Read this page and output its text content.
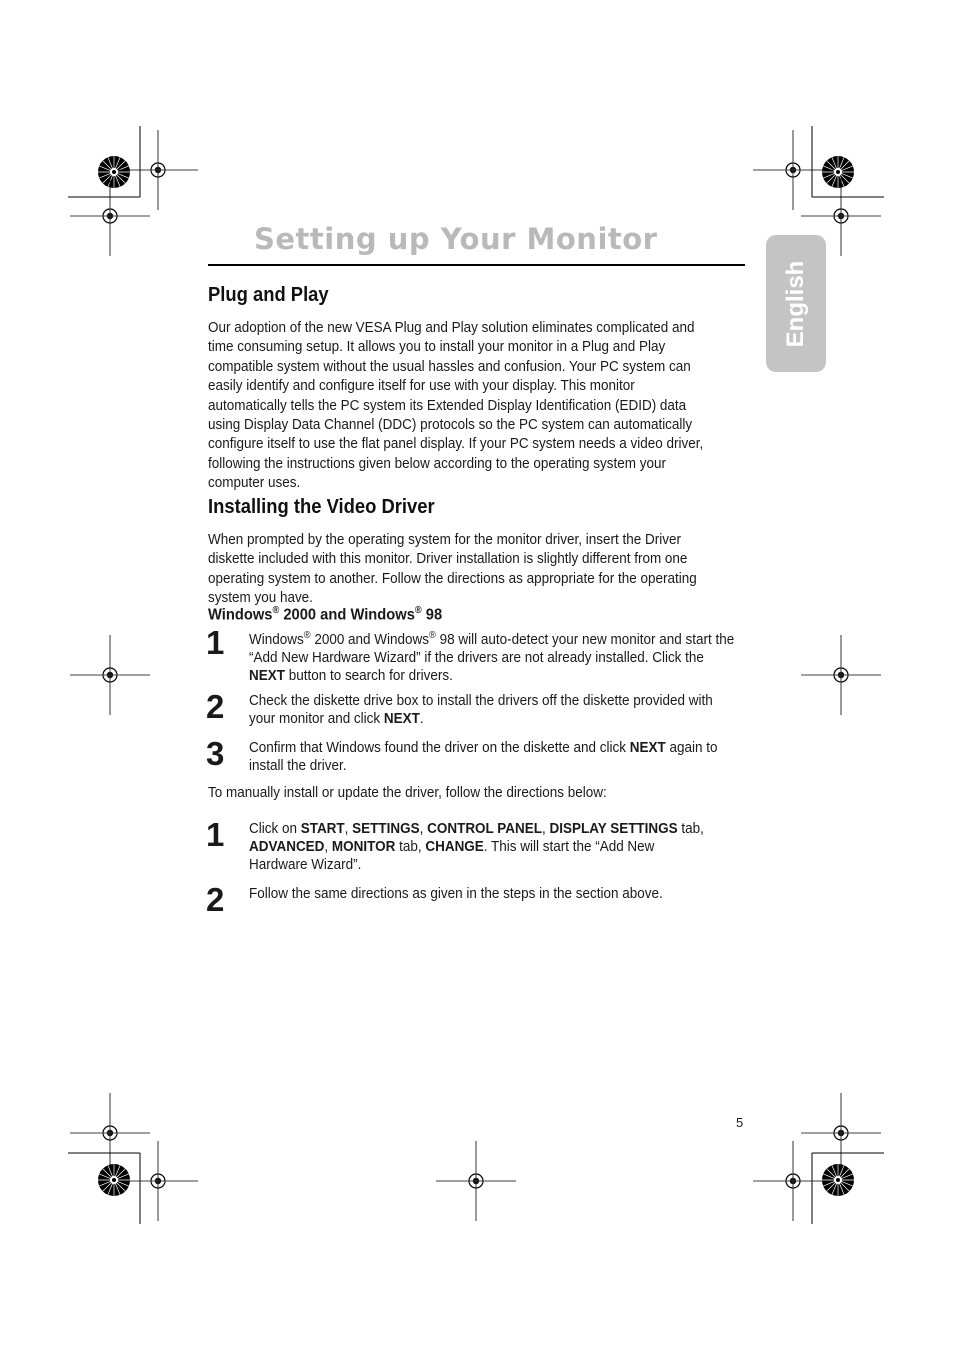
Setting up Your Monitor
English
Plug and Play

Our adoption of the new VESA Plug and Play solution eliminates complicated and time consuming setup. It allows you to install your monitor in a Plug and Play compatible system without the usual hassles and confusion. Your PC system can easily identify and configure itself for use with your display. This monitor automatically tells the PC system its Extended Display Identification (EDID) data using Display Data Channel (DDC) protocols so the PC system can automatically configure itself to use the flat panel display. If your PC system needs a video driver, following the instructions given below according to the operating system your computer uses.

Installing the Video Driver

When prompted by the operating system for the monitor driver, insert the Driver diskette included with this monitor. Driver installation is slightly different from one operating system to another. Follow the directions as appropriate for the operating system you have.

Windows® 2000 and Windows® 98
1 Windows® 2000 and Windows® 98 will auto-detect your new monitor and start the “Add New Hardware Wizard” if the drivers are not already installed. Click the NEXT button to search for drivers.

2 Check the diskette drive box to install the drivers off the diskette provided with your monitor and click NEXT.

3 Confirm that Windows found the driver on the diskette and click NEXT again to install the driver.

To manually install or update the driver, follow the directions below:

1 Click on START, SETTINGS, CONTROL PANEL, DISPLAY SETTINGS tab, ADVANCED, MONITOR tab, CHANGE. This will start the “Add New Hardware Wizard”.

2 Follow the same directions as given in the steps in the section above.

5
